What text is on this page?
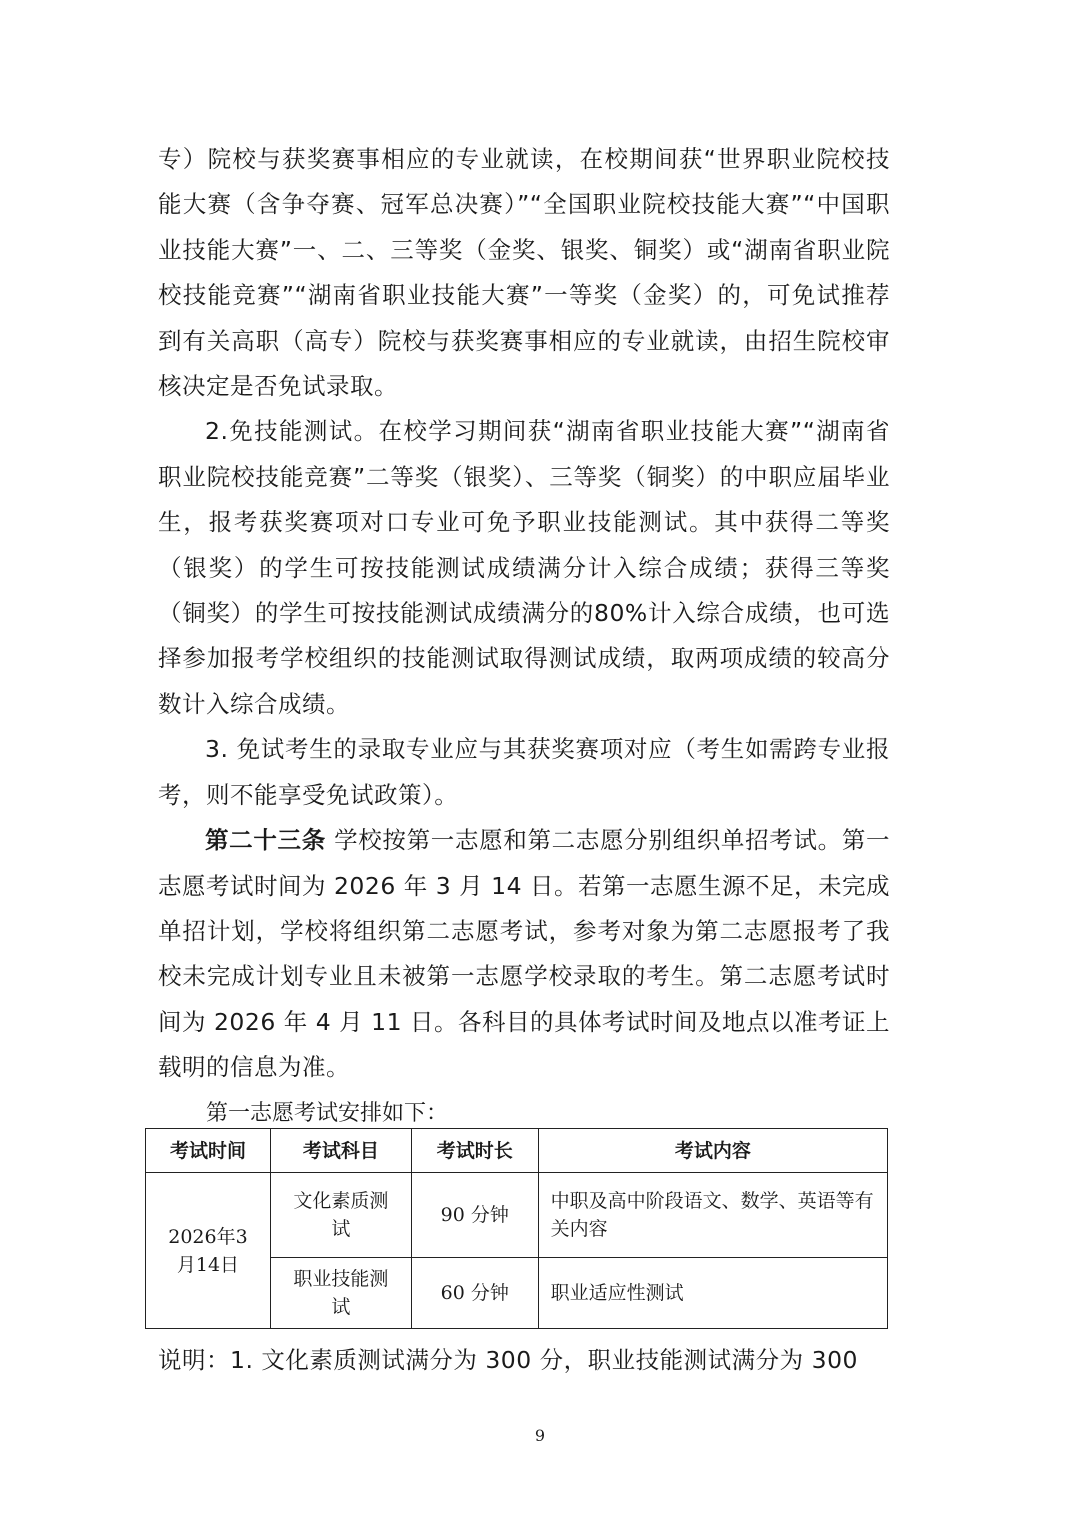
专）院校与获奖赛事相应的专业就读，在校期间获“世界职业院校技能大赛（含争夺赛、冠军总决赛）”“全国职业院校技能大赛”“中国职业技能大赛”一、二、三等奖（金奖、银奖、铜奖）或“湖南省职业院校技能竞赛”“湖南省职业技能大赛”一等奖（金奖）的，可免试推荐到有关高职（高专）院校与获奖赛事相应的专业就读，由招生院校审核决定是否免试录取。

2.免技能测试。在校学习期间获“湖南省职业技能大赛”“湖南省职业院校技能竞赛”二等奖（银奖）、三等奖（铜奖）的中职应届毕业生，报考获奖赛项对口专业可免予职业技能测试。其中获得二等奖（银奖）的学生可按技能测试成绩满分计入综合成绩；获得三等奖（铜奖）的学生可按技能测试成绩满分的80%计入综合成绩，也可选择参加报考学校组织的技能测试取得测试成绩，取两项成绩的较高分数计入综合成绩。

3. 免试考生的录取专业应与其获奖赛项对应（考生如需跨专业报考，则不能享受免试政策）。

第二十三条 学校按第一志愿和第二志愿分别组织单招考试。第一志愿考试时间为 2026 年 3 月 14 日。若第一志愿生源不足，未完成单招计划，学校将组织第二志愿考试，参考对象为第二志愿报考了我校未完成计划专业且未被第一志愿学校录取的考生。第二志愿考试时间为 2026 年 4 月 11 日。各科目的具体考试时间及地点以准考证上载明的信息为准。

第一志愿考试安排如下：

考试时间	考试科目	考试时长	考试内容
2026年3月14日	文化素质测试	90 分钟	中职及高中阶段语文、数学、英语等有关内容
	职业技能测试	60 分钟	职业适应性测试
说明：1. 文化素质测试满分为 300 分，职业技能测试满分为 300
9
